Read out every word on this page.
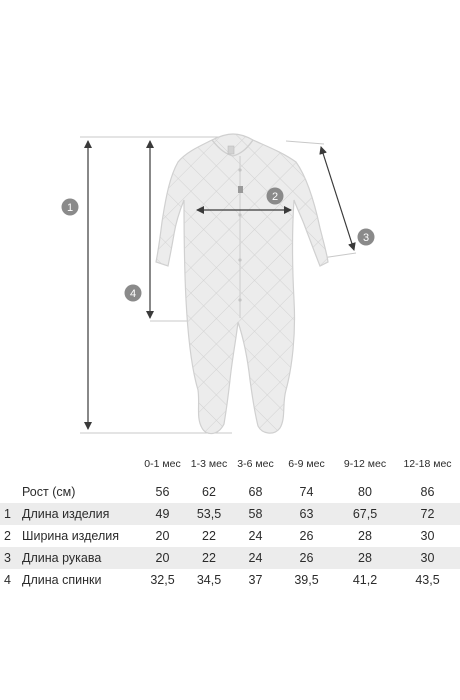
1
2
3
4
		0-1 мес	1-3 мес	3-6 мес	6-9 мес	9-12 мес	12-18 мес

	Рост (см)	56	62	68	74	80	86
1	Длина изделия	49	53,5	58	63	67,5	72
2	Ширина изделия	20	22	24	26	28	30
3	Длина рукава	20	22	24	26	28	30
4	Длина спинки	32,5	34,5	37	39,5	41,2	43,5
